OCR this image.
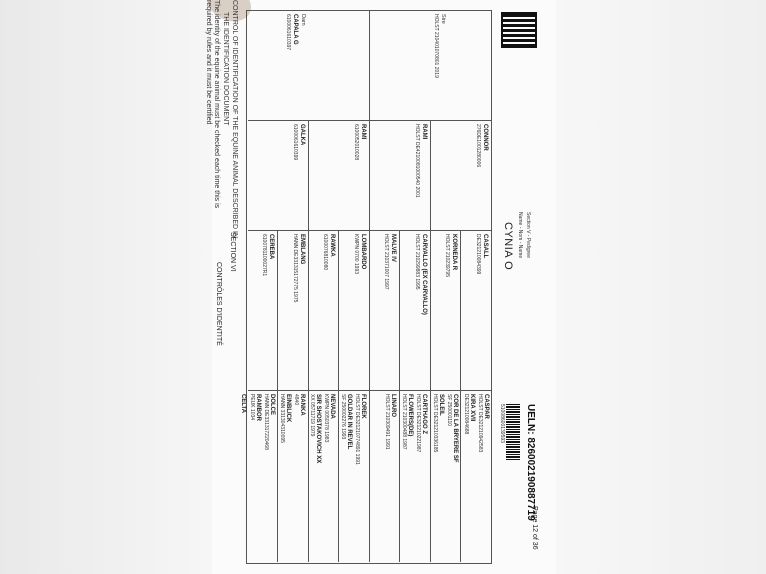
Section V - Pedigree
Name - Nom - Name
CYNIA O
UELN: 826002190887719
51008600139593
Page 12 of 36
Sire
HOLST 210401070801 2019
Dam
CAPALA G
6100061610397
CONNOR
276DE1001280006
RAMI
HOLST DE4210081000540 2001
RAMI
6100052010028
GALKA
6100061610399
CASALL
DE321210084399
KORNEDA R
HOLST 210239795
CARVALLO (EX CARVALLO)
HOLST 210299883 1995
MALVE IV
HOLST 210371007 1997
LOMBARDO
KWPN 0700 1993
RAWKA
6100076810080
EMBLANG
HANN DE331315172775 1975
CEREBA
6100781100027R1
CASPAR
HOLST DE321210942583
KIRA XVII
DE321210084688
COR DE LA BRYERE SF
SF 250001110
SOLEIL
HOLST DE321210336185
CARTHAGO Z
HOLST DE321210221987
FLOWERS(DE)
HOLST 210300488 1987
LINARO
HOLST 210309491 1991
FLOREK
HOLST DE321210774891 1991
GOLDAR IN REVEL
SF 250002276 1993
NEVADA
KWPN 0050378 1983
SIR SHOSTAKOVICH XX
XX 05711719 1979
RANKA
4840
EINBLICK
HANN 331304310095
DOLCE
HANN DE331317220468
RAMBOR
PEUK 1034
CELTA
CONTROL OF IDENTIFICATION OF THE EQUINE ANIMAL DESCRIBED IN
THE IDENTIFICATION DOCUMENT
The identity of the equine animal must be checked each time this is
required by rules and it must be certified
SECTION VI
CONTRÔLES D'IDENTITÉ
